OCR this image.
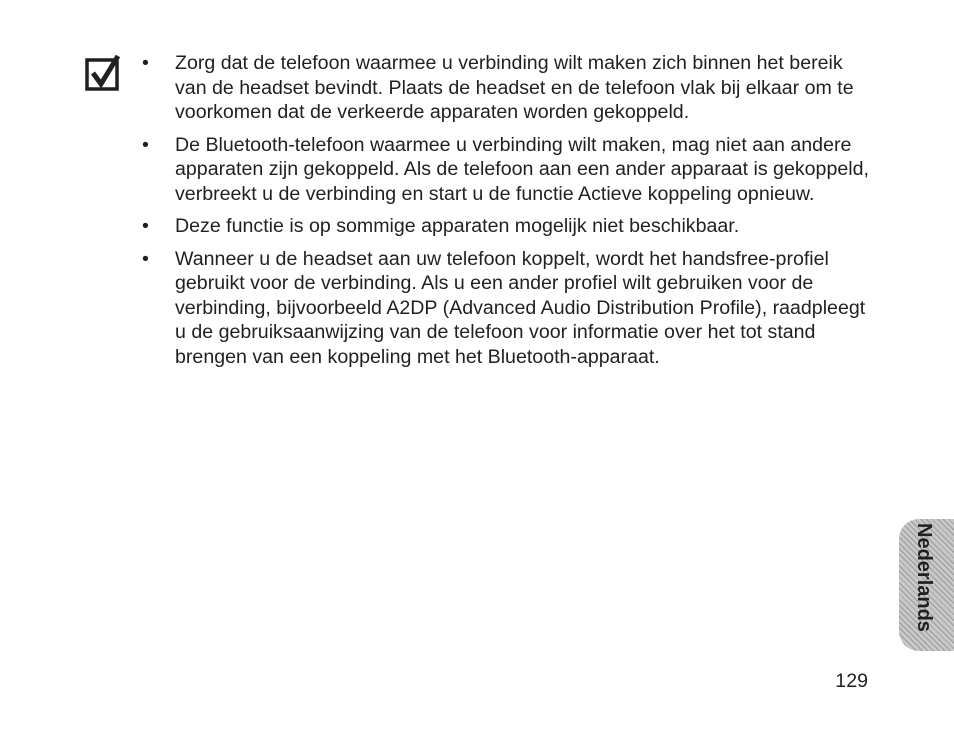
• Zorg dat de telefoon waarmee u verbinding wilt maken zich binnen het bereik van de headset bevindt. Plaats de headset en de telefoon vlak bij elkaar om te voorkomen dat de verkeerde apparaten worden gekoppeld.
• De Bluetooth-telefoon waarmee u verbinding wilt maken, mag niet aan andere apparaten zijn gekoppeld. Als de telefoon aan een ander apparaat is gekoppeld, verbreekt u de verbinding en start u de functie Actieve koppeling opnieuw.
• Deze functie is op sommige apparaten mogelijk niet beschikbaar.
• Wanneer u de headset aan uw telefoon koppelt, wordt het handsfree-profiel gebruikt voor de verbinding. Als u een ander profiel wilt gebruiken voor de verbinding, bijvoorbeeld A2DP (Advanced Audio Distribution Profile), raadpleegt u de gebruiksaanwijzing van de telefoon voor informatie over het tot stand brengen van een koppeling met het Bluetooth-apparaat.
Nederlands
129
